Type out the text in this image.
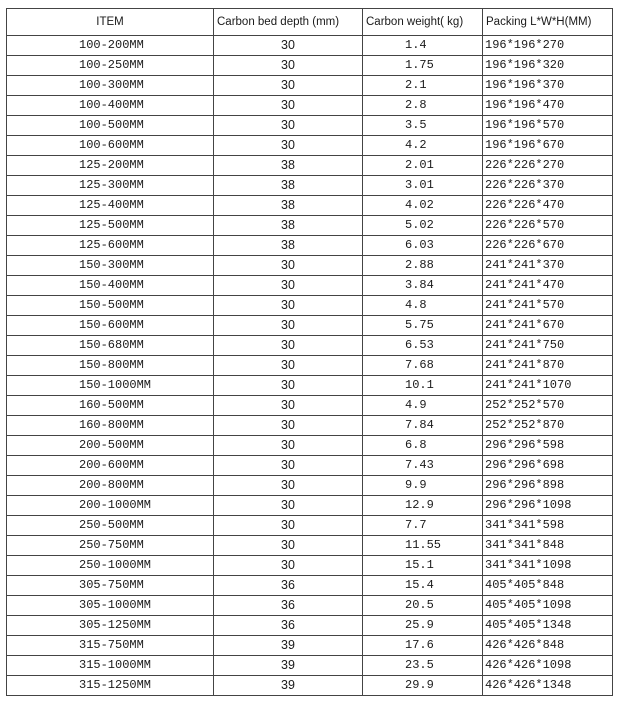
ITEM	Carbon bed depth (mm)	Carbon weight( kg)	Packing L*W*H(MM)
100-200MM	30	1.4	196*196*270
100-250MM	30	1.75	196*196*320
100-300MM	30	2.1	196*196*370
100-400MM	30	2.8	196*196*470
100-500MM	30	3.5	196*196*570
100-600MM	30	4.2	196*196*670
125-200MM	38	2.01	226*226*270
125-300MM	38	3.01	226*226*370
125-400MM	38	4.02	226*226*470
125-500MM	38	5.02	226*226*570
125-600MM	38	6.03	226*226*670
150-300MM	30	2.88	241*241*370
150-400MM	30	3.84	241*241*470
150-500MM	30	4.8	241*241*570
150-600MM	30	5.75	241*241*670
150-680MM	30	6.53	241*241*750
150-800MM	30	7.68	241*241*870
150-1000MM	30	10.1	241*241*1070
160-500MM	30	4.9	252*252*570
160-800MM	30	7.84	252*252*870
200-500MM	30	6.8	296*296*598
200-600MM	30	7.43	296*296*698
200-800MM	30	9.9	296*296*898
200-1000MM	30	12.9	296*296*1098
250-500MM	30	7.7	341*341*598
250-750MM	30	11.55	341*341*848
250-1000MM	30	15.1	341*341*1098
305-750MM	36	15.4	405*405*848
305-1000MM	36	20.5	405*405*1098
305-1250MM	36	25.9	405*405*1348
315-750MM	39	17.6	426*426*848
315-1000MM	39	23.5	426*426*1098
315-1250MM	39	29.9	426*426*1348
